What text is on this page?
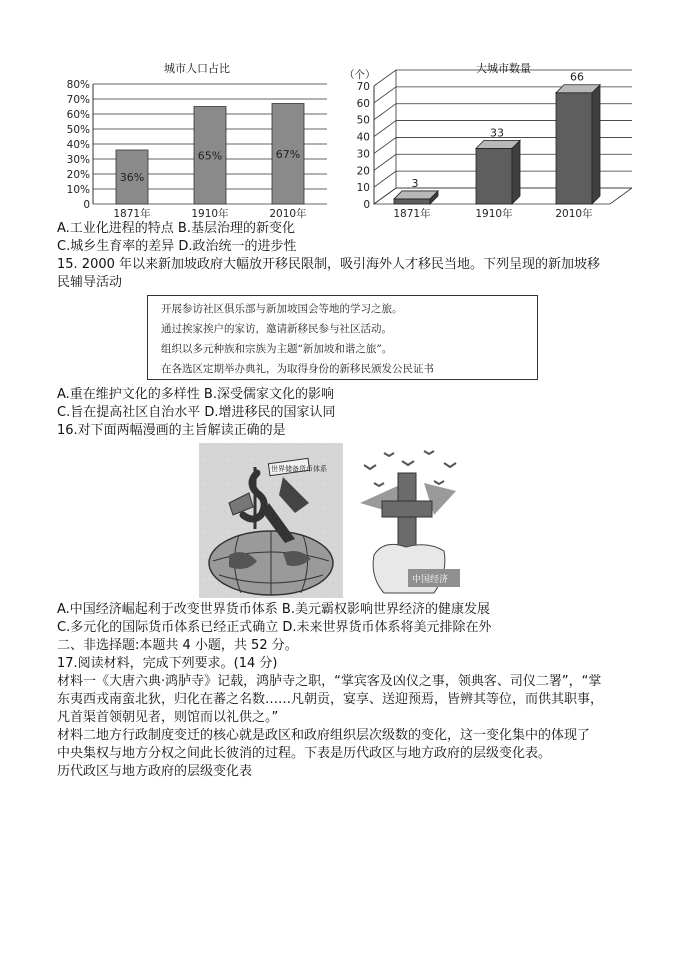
城市人口占比
0
10%
20%
30%
40%
50%
60%
70%
80%
36%
1871年
65%
1910年
67%
2010年
大城市数量
（个）
0
10
20
30
40
50
60
70
3
1871年
33
1910年
66
2010年
A.工业化进程的特点 B.基层治理的新变化
C.城乡生育率的差异 D.政治统一的进步性
15. 2000 年以来新加坡政府大幅放开移民限制，吸引海外人才移民当地。下列呈现的新加坡移
民辅导活动
开展参访社区俱乐部与新加坡国会等地的学习之旅。
通过挨家挨户的家访，邀请新移民参与社区活动。
组织以多元种族和宗族为主题“新加坡和谐之旅”。
在各选区定期举办典礼，为取得身份的新移民颁发公民证书
A.重在维护文化的多样性 B.深受儒家文化的影响
C.旨在提高社区自治水平 D.增进移民的国家认同
16.对下面两幅漫画的主旨解读正确的是
世界储备货币体系
中国经济
A.中国经济崛起利于改变世界货币体系 B.美元霸权影响世界经济的健康发展
C.多元化的国际货币体系已经正式确立 D.未来世界货币体系将美元排除在外
二、非选择题:本题共 4 小题，共 52 分。
17.阅读材料，完成下列要求。(14 分)
材料一《大唐六典·鸿胪寺》记载，鸿胪寺之职，“掌宾客及凶仪之事，领典客、司仪二署”，“掌
东夷西戎南蛮北狄，归化在蕃之名数……凡朝贡，宴享、送迎预焉，皆辨其等位，而供其职事，
凡首渠首领朝见者，则馆而以礼供之。”
材料二地方行政制度变迁的核心就是政区和政府组织层次级数的变化，这一变化集中的体现了
中央集权与地方分权之间此长彼消的过程。下表是历代政区与地方政府的层级变化表。
历代政区与地方政府的层级变化表
